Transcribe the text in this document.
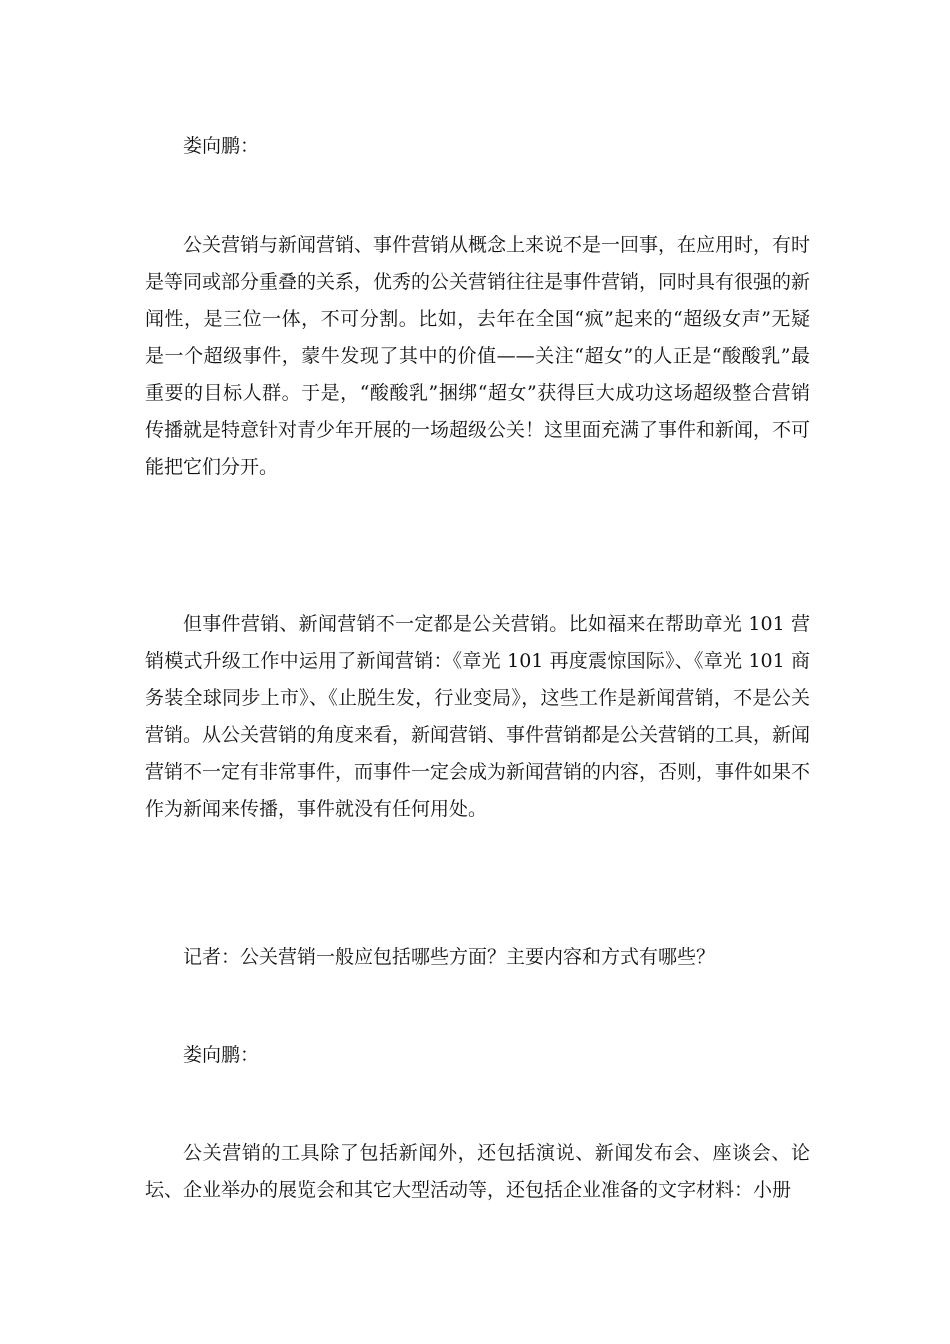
娄向鹏：

公关营销与新闻营销、事件营销从概念上来说不是一回事，在应用时，有时是等同或部分重叠的关系，优秀的公关营销往往是事件营销，同时具有很强的新闻性，是三位一体，不可分割。比如，去年在全国“疯”起来的“超级女声”无疑是一个超级事件，蒙牛发现了其中的价值——关注“超女”的人正是“酸酸乳”最重要的目标人群。于是，“酸酸乳”捆绑“超女”获得巨大成功这场超级整合营销传播就是特意针对青少年开展的一场超级公关！这里面充满了事件和新闻，不可能把它们分开。

但事件营销、新闻营销不一定都是公关营销。比如福来在帮助章光 101 营销模式升级工作中运用了新闻营销：《章光 101 再度震惊国际》、《章光 101 商务装全球同步上市》、《止脱生发，行业变局》，这些工作是新闻营销，不是公关营销。从公关营销的角度来看，新闻营销、事件营销都是公关营销的工具，新闻营销不一定有非常事件，而事件一定会成为新闻营销的内容，否则，事件如果不作为新闻来传播，事件就没有任何用处。

记者：公关营销一般应包括哪些方面？主要内容和方式有哪些？

娄向鹏：

公关营销的工具除了包括新闻外，还包括演说、新闻发布会、座谈会、论坛、企业举办的展览会和其它大型活动等，还包括企业准备的文字材料：小册
